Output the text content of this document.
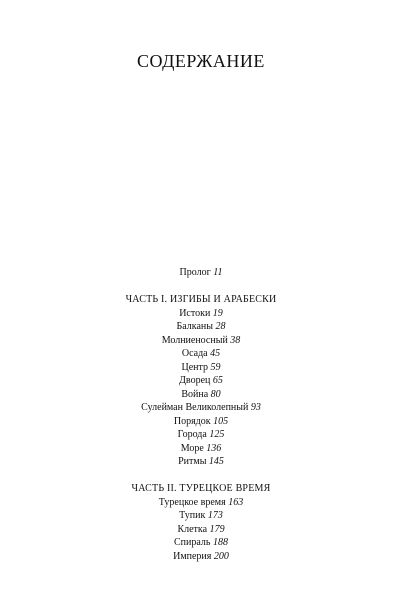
СОДЕРЖАНИЕ
Пролог 11
ЧАСТЬ I. ИЗГИБЫ И АРАБЕСКИ
Истоки 19
Балканы 28
Молниеносный 38
Осада 45
Центр 59
Дворец 65
Война 80
Сулейман Великолепный 93
Порядок 105
Города 125
Море 136
Ритмы 145
ЧАСТЬ II. ТУРЕЦКОЕ ВРЕМЯ
Турецкое время 163
Тупик 173
Клетка 179
Спираль 188
Империя 200
